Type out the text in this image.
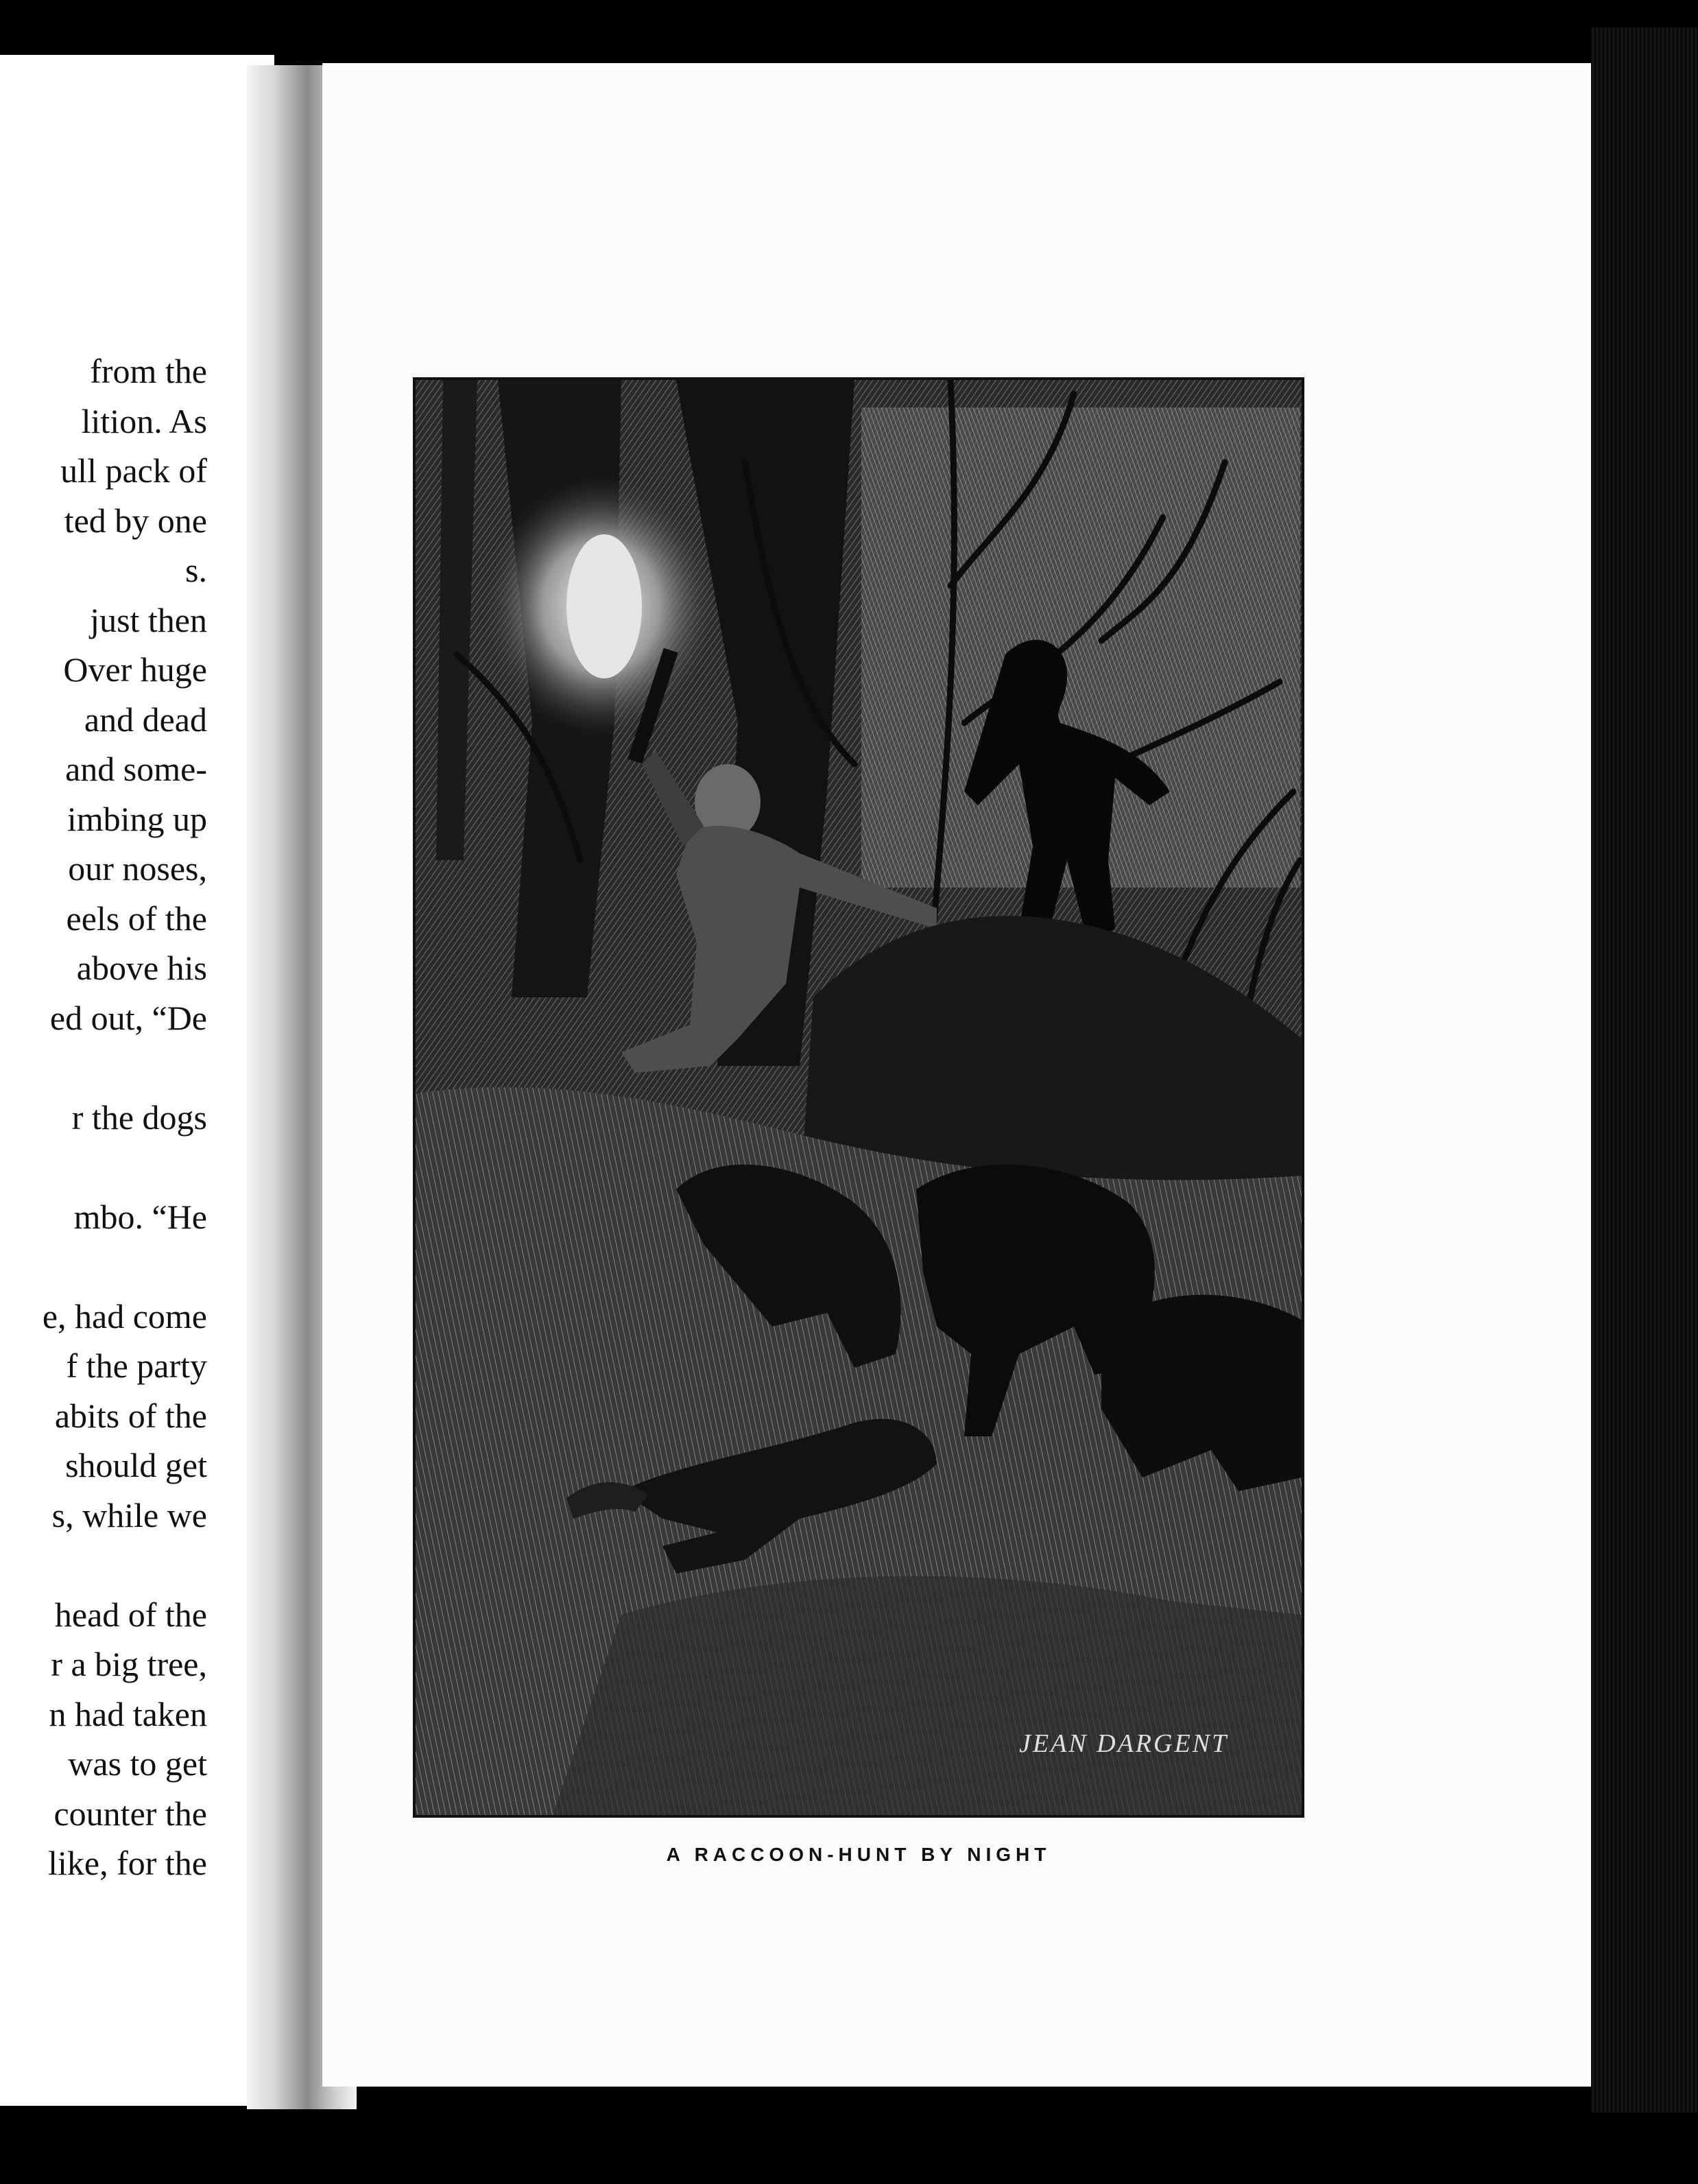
from the
lition. As
ull pack of
ted by one
s.
just then
Over huge
and dead
and some-
imbing up
our noses,
eels of the
above his
ed out, “De
r the dogs
mbo. “He
e, had come
f the party
abits of the
should get
s, while we
head of the
r a big tree,
n had taken
was to get
counter the
like, for the
JEAN DARGENT
A RACCOON-HUNT BY NIGHT
